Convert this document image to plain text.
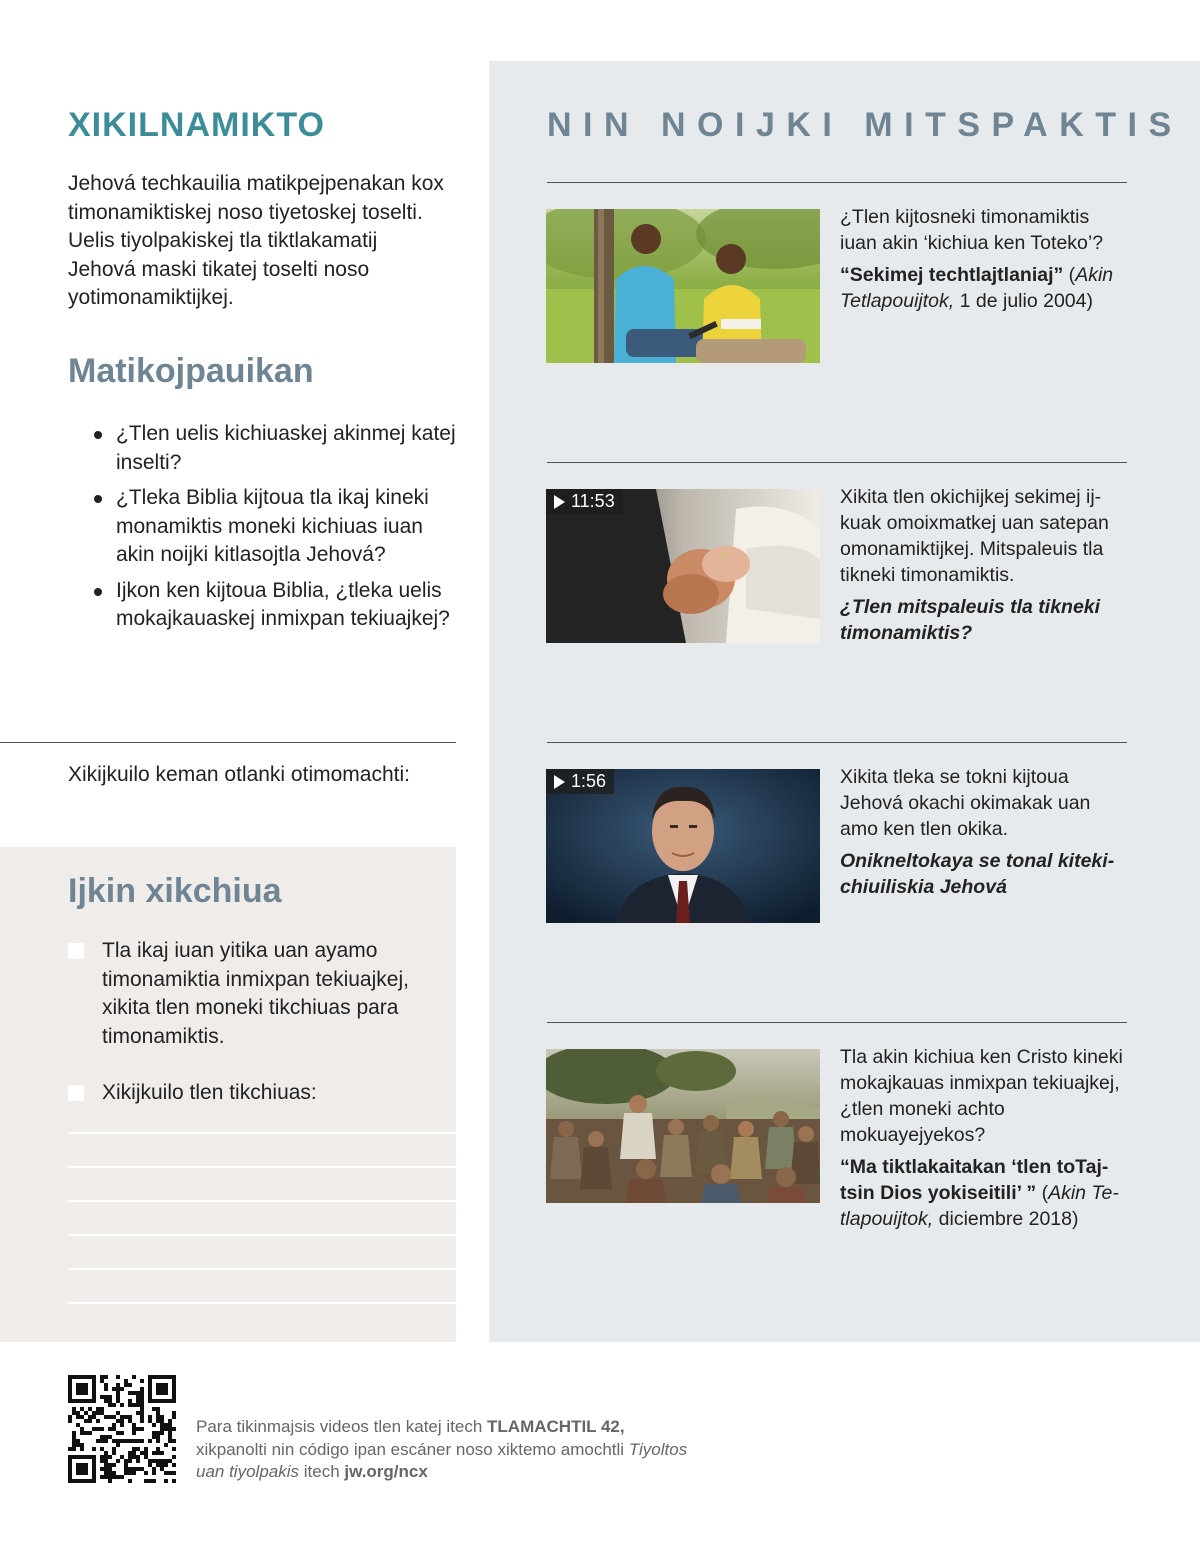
XIKILNAMIKTO

Jehová techkauilia matikpejpenakan kox timonamiktiskej noso tiyetoskej toselti. Uelis tiyolpakiskej tla tiktlakamatij Jehová maski tikatej toselti noso yotimonamiktijkej.

Matikojpauikan
¿Tlen uelis kichiuaskej akinmej katej inselti?
¿Tleka Biblia kijtoua tla ikaj kineki monamiktis moneki kichiuas iuan akin noijki kitlasojtla Jehová?
Ijkon ken kijtoua Biblia, ¿tleka uelis mokajkauaskej inmixpan tekiuajkej?

Xikijkuilo keman otlanki otimomachti:

Ijkin xikchiua
Tla ikaj iuan yitika uan ayamo timonamiktia inmixpan tekiuajkej, xikita tlen moneki tikchiuas para timonamiktis.
Xikijkuilo tlen tikchiuas:
NIN NOIJKI MITSPAKTIS

¿Tlen kijtosneki timonamiktis iuan akin ‘kichiua ken Toteko’?

“Sekimej techtlajtlaniaj” (Akin Tetlapouijtok, 1 de julio 2004)

11:53	Xikita tlen okichijkej sekimej ijkuak omoixmatkej uan satepan omonamiktijkej. Mitspaleuis tla tikneki timonamiktis.

¿Tlen mitspaleuis tla tikneki timonamiktis?

1:56	Xikita tleka se tokni kijtoua Jehová okachi okimakak uan amo ken tlen okika.

Onikneltokaya se tonal kitekichiuiliskia Jehová

Tla akin kichiua ken Cristo kineki mokajkauas inmixpan tekiuajkej, ¿tlen moneki achto mokuayejyekos?

“Ma tiktlakaitakan ‘tlen toTajtsin Dios yokiseitili’ ” (Akin Tetlapouijtok, diciembre 2018)

Para tikinmajsis videos tlen katej itech TLAMACHTIL 42, xikpanolti nin código ipan escáner noso xiktemo amochtli Tiyoltos uan tiyolpakis itech jw.org/ncx
